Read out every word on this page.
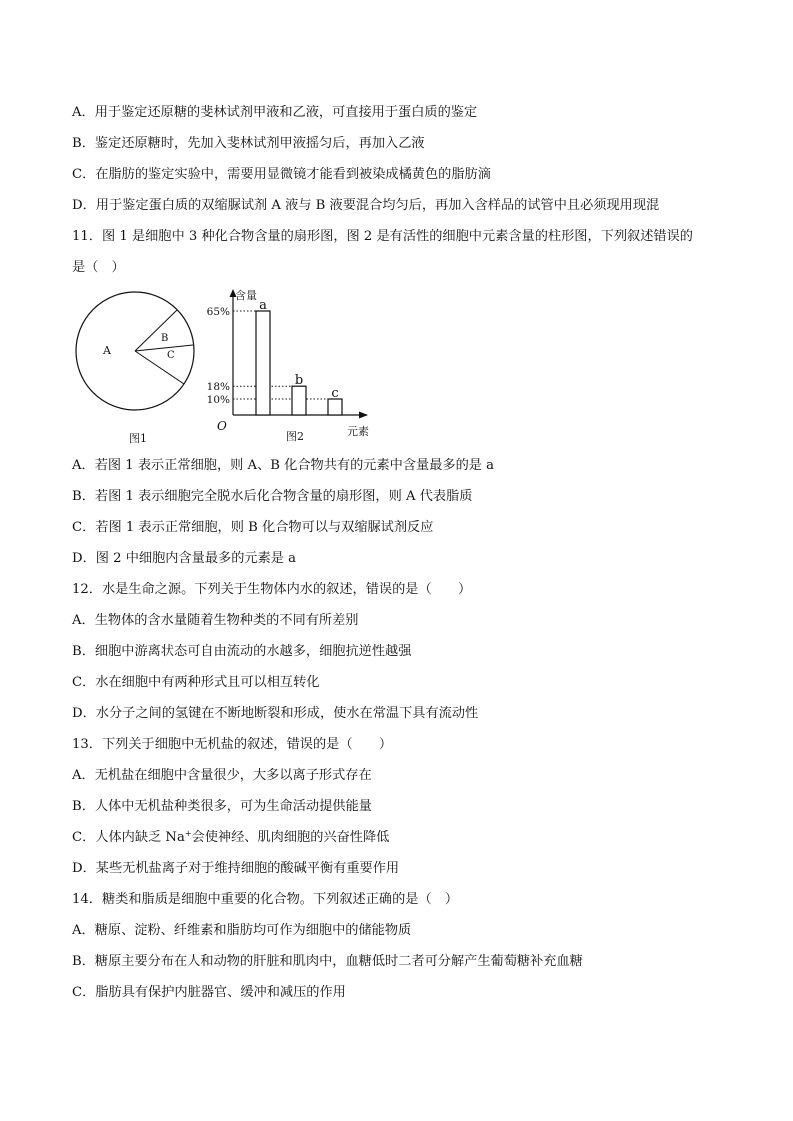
A．用于鉴定还原糖的斐林试剂甲液和乙液，可直接用于蛋白质的鉴定
B．鉴定还原糖时，先加入斐林试剂甲液摇匀后，再加入乙液
C．在脂肪的鉴定实验中，需要用显微镜才能看到被染成橘黄色的脂肪滴
D．用于鉴定蛋白质的双缩脲试剂 A 液与 B 液要混合均匀后，再加入含样品的试管中且必须现用现混
11．图 1 是细胞中 3 种化合物含量的扇形图，图 2 是有活性的细胞中元素含量的柱形图，下列叙述错误的
是（　）
A
B
C
图1
含量
元素
O
图2
65%
18%
10%
a
b
c
A．若图 1 表示正常细胞，则 A、B 化合物共有的元素中含量最多的是 a
B．若图 1 表示细胞完全脱水后化合物含量的扇形图，则 A 代表脂质
C．若图 1 表示正常细胞，则 B 化合物可以与双缩脲试剂反应
D．图 2 中细胞内含量最多的元素是 a
12．水是生命之源。下列关于生物体内水的叙述，错误的是（　　）
A．生物体的含水量随着生物种类的不同有所差别
B．细胞中游离状态可自由流动的水越多，细胞抗逆性越强
C．水在细胞中有两种形式且可以相互转化
D．水分子之间的氢键在不断地断裂和形成，使水在常温下具有流动性
13．下列关于细胞中无机盐的叙述，错误的是（　　）
A．无机盐在细胞中含量很少，大多以离子形式存在
B．人体中无机盐种类很多，可为生命活动提供能量
C．人体内缺乏 Na+会使神经、肌肉细胞的兴奋性降低
D．某些无机盐离子对于维持细胞的酸碱平衡有重要作用
14．糖类和脂质是细胞中重要的化合物。下列叙述正确的是（　）
A．糖原、淀粉、纤维素和脂肪均可作为细胞中的储能物质
B．糖原主要分布在人和动物的肝脏和肌肉中，血糖低时二者可分解产生葡萄糖补充血糖
C．脂肪具有保护内脏器官、缓冲和减压的作用
